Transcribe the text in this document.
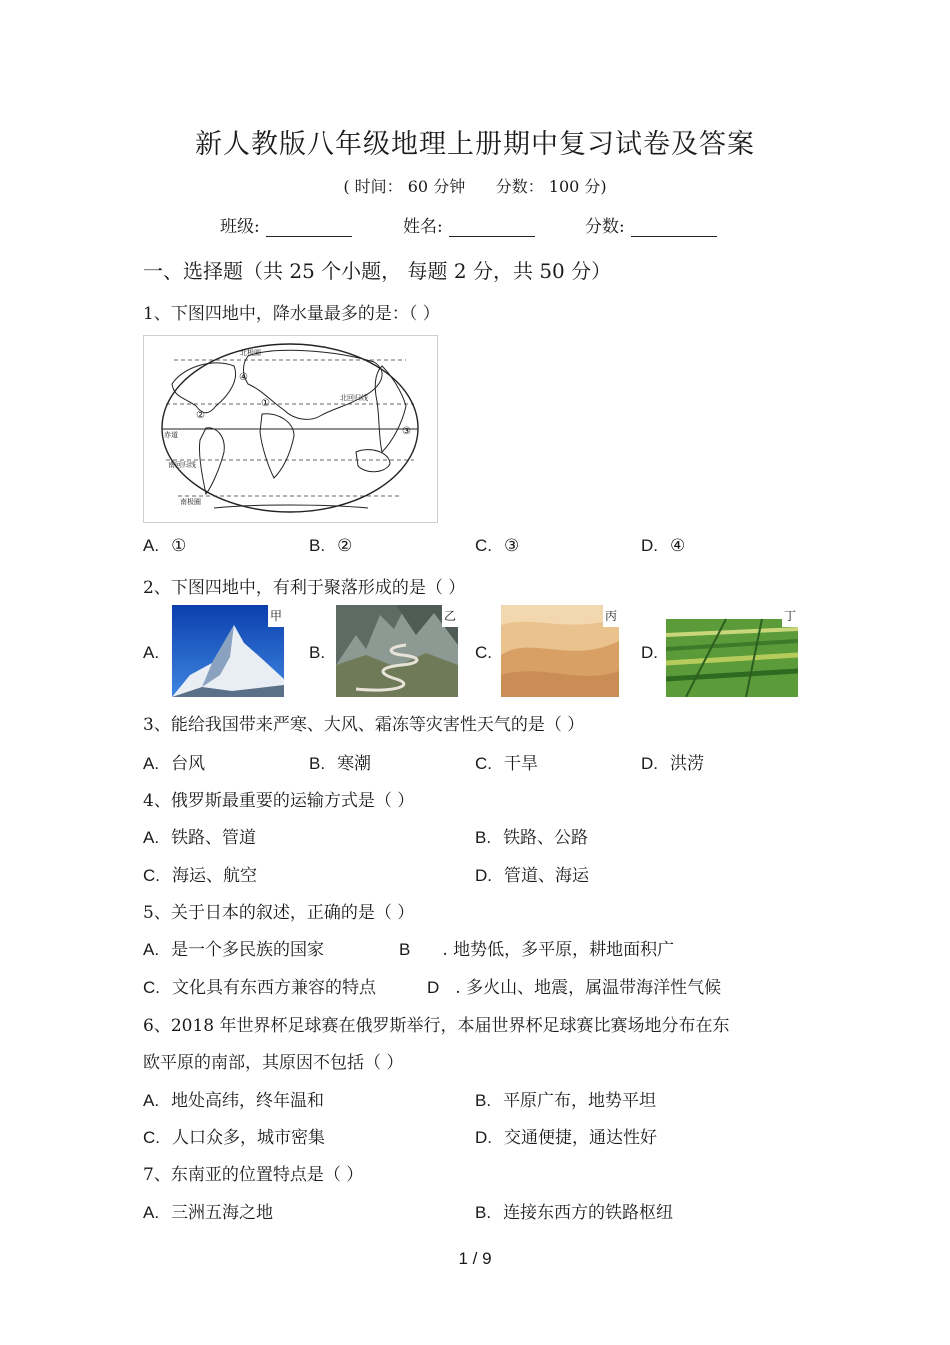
新人教版八年级地理上册期中复习试卷及答案
( 时间： 60 分钟      分数： 100 分)
班级:	姓名:	分数:
一、选择题（共 25 个小题， 每题 2 分，共 50 分）
1、下图四地中，降水量最多的是：（ ）
北极圈
北回归线
赤道
南回归线
南极圈
④
②
①
③
A. ①	B. ②	C. ③	D. ④
2、下图四地中，有利于聚落形成的是（ ）
A.
甲
B.
乙
C.
丙
D.
丁
3、能给我国带来严寒、大风、霜冻等灾害性天气的是（ ）
A. 台风	B. 寒潮	C. 干旱	D. 洪涝
4、俄罗斯最重要的运输方式是（ ）
A. 铁路、管道	B. 铁路、公路
C. 海运、航空	D. 管道、海运
5、关于日本的叙述，正确的是（ ）
A. 是一个多民族的国家	B . 地势低，多平原，耕地面积广
C. 文化具有东西方兼容的特点	D . 多火山、地震，属温带海洋性气候
6、2018 年世界杯足球赛在俄罗斯举行，本届世界杯足球赛比赛场地分布在东
欧平原的南部，其原因不包括（ ）
A. 地处高纬，终年温和	B. 平原广布，地势平坦
C. 人口众多，城市密集	D. 交通便捷，通达性好
7、东南亚的位置特点是（ ）
A. 三洲五海之地	B. 连接东西方的铁路枢纽
1 / 9
